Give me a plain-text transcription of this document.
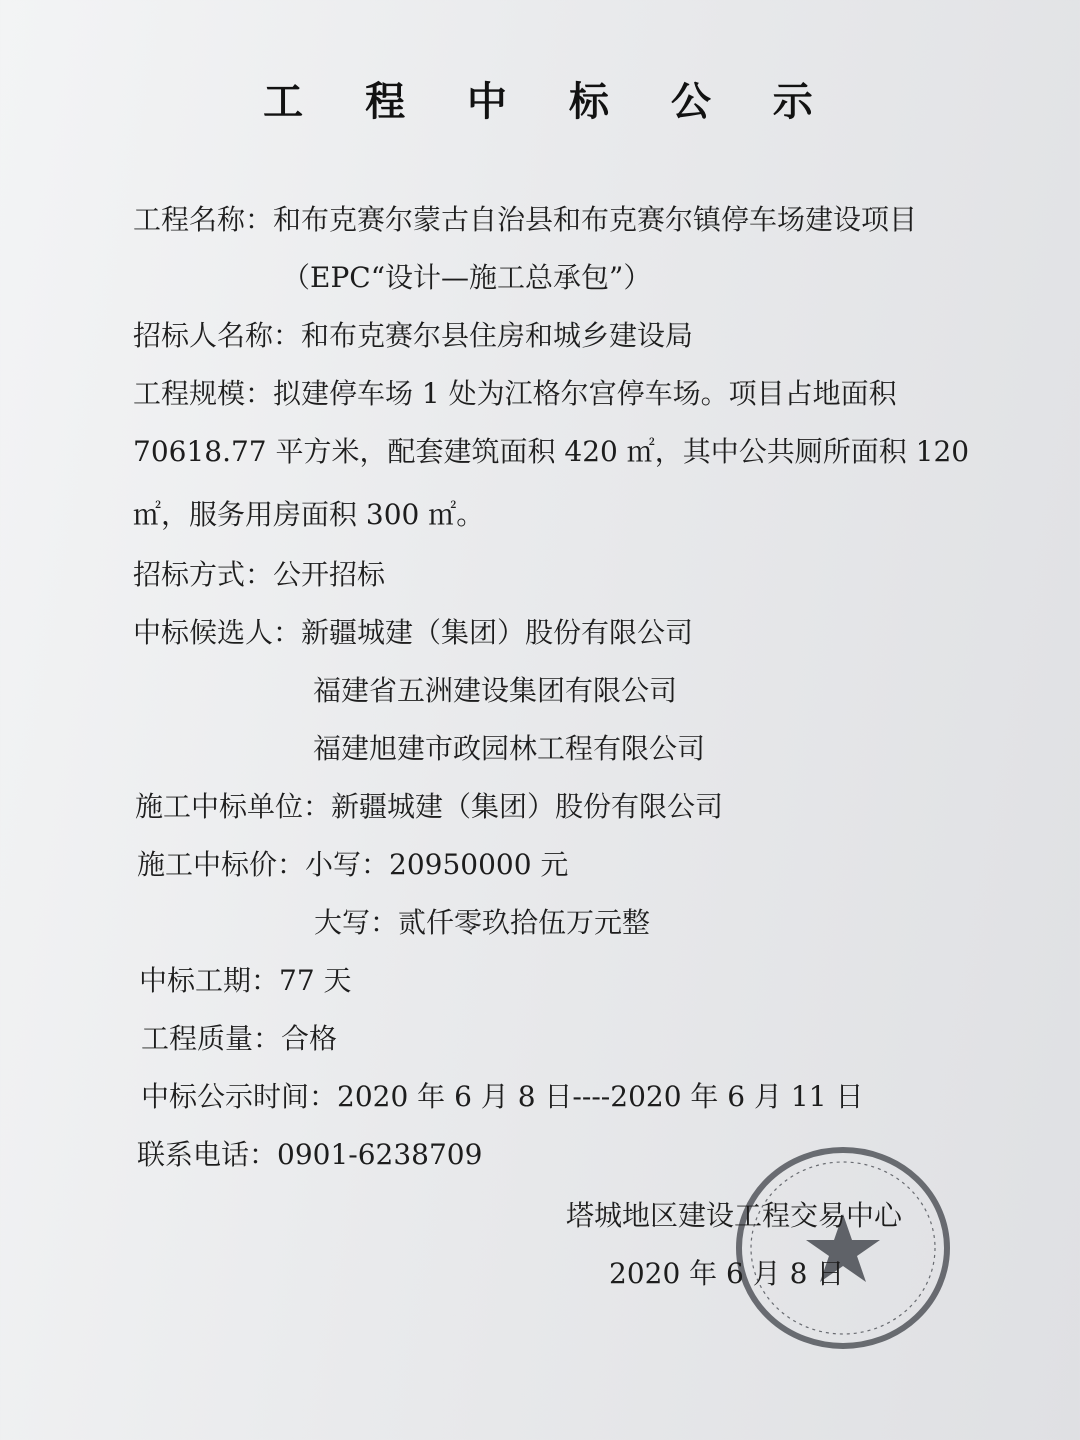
工 程 中 标 公 示
工程名称：和布克赛尔蒙古自治县和布克赛尔镇停车场建设项目
（EPC“设计—施工总承包”）
招标人名称：和布克赛尔县住房和城乡建设局
工程规模：拟建停车场 1 处为江格尔宫停车场。项目占地面积
70618.77 平方米，配套建筑面积 420 ㎡，其中公共厕所面积 120
㎡，服务用房面积 300 ㎡。
招标方式：公开招标
中标候选人：新疆城建（集团）股份有限公司
福建省五洲建设集团有限公司
福建旭建市政园林工程有限公司
施工中标单位：新疆城建（集团）股份有限公司
施工中标价：小写：20950000 元
大写：贰仟零玖拾伍万元整
中标工期：77 天
工程质量：合格
中标公示时间：2020 年 6 月 8 日----2020 年 6 月 11 日
联系电话：0901-6238709
塔城地区建设工程交易中心
2020 年 6 月 8 日
